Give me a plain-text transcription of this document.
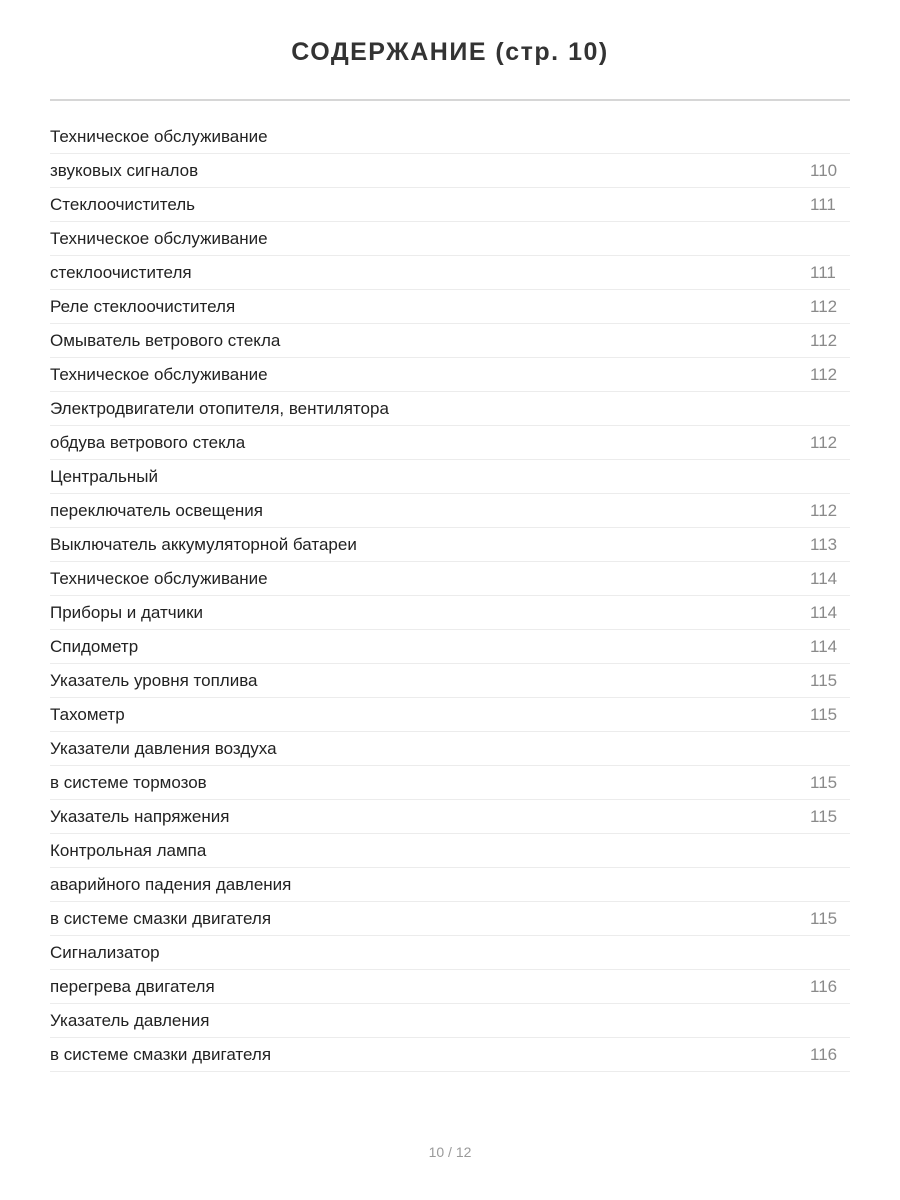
СОДЕРЖАНИЕ (стр. 10)
Техническое обслуживание
звуковых сигналов	110
Стеклоочиститель	111
Техническое обслуживание
стеклоочистителя	111
Реле стеклоочистителя	112
Омыватель ветрового стекла	112
Техническое обслуживание	112
Электродвигатели отопителя, вентилятора
обдува ветрового стекла	112
Центральный
переключатель освещения	112
Выключатель аккумуляторной батареи	113
Техническое обслуживание	114
Приборы и датчики	114
Спидометр	114
Указатель уровня топлива	115
Тахометр	115
Указатели давления воздуха
в системе тормозов	115
Указатель напряжения	115
Контрольная лампа
аварийного падения давления
в системе смазки двигателя	115
Сигнализатор
перегрева двигателя	116
Указатель давления
в системе смазки двигателя	116
10 / 12
